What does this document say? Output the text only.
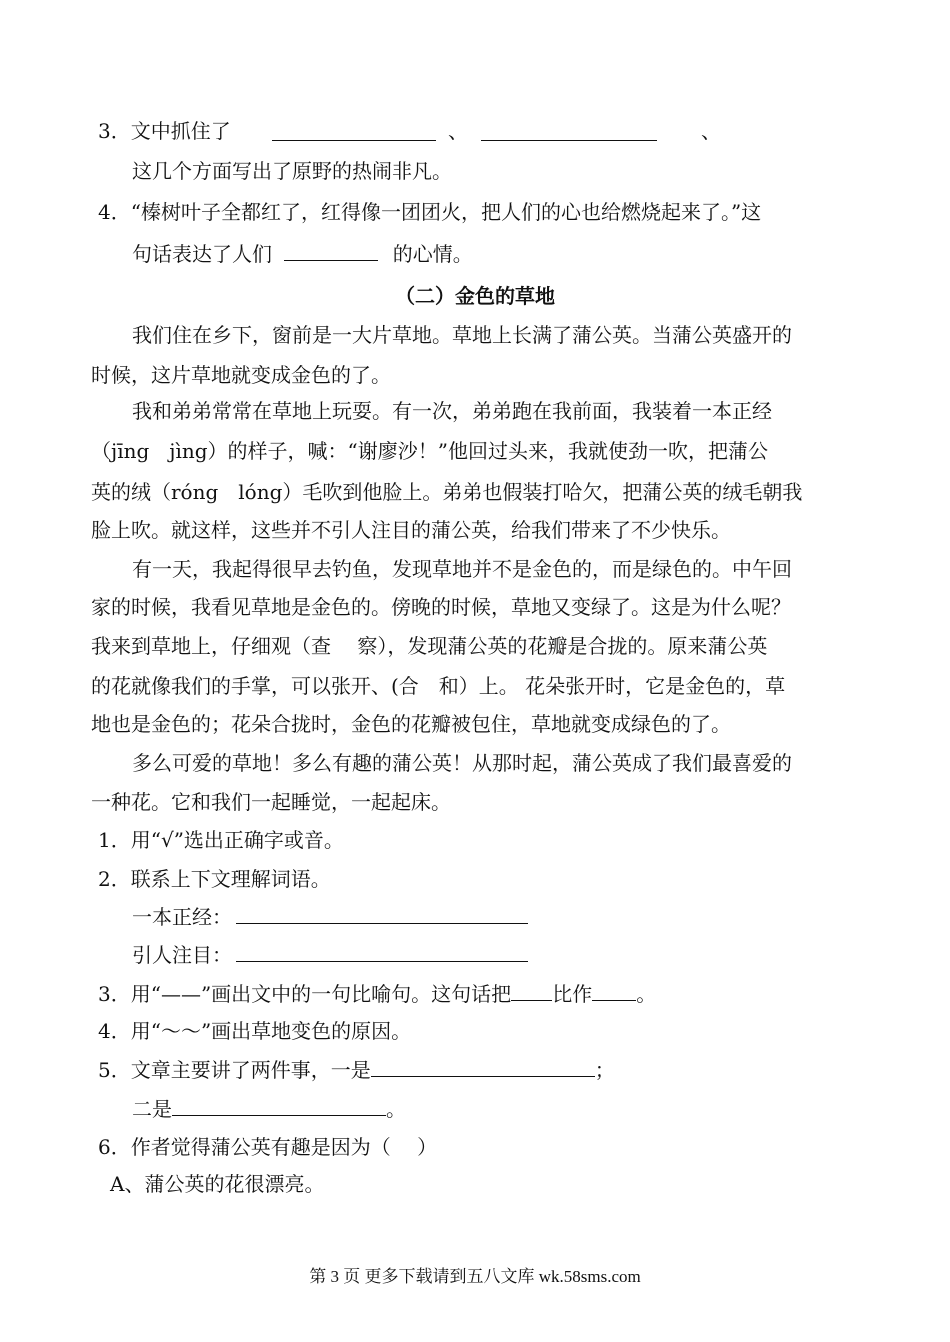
3．文中抓住了	、	、
这几个方面写出了原野的热闹非凡。
4．“榛树叶子全都红了，红得像一团团火，把人们的心也给燃烧起来了。”这
句话表达了人们	的心情。
（二）金色的草地
我们住在乡下，窗前是一大片草地。草地上长满了蒲公英。当蒲公英盛开的
时候，这片草地就变成金色的了。
我和弟弟常常在草地上玩耍。有一次，弟弟跑在我前面，我装着一本正经
（jīng　jìng）的样子，喊：“谢廖沙！”他回过头来，我就使劲一吹，把蒲公
英的绒（róng　lóng）毛吹到他脸上。弟弟也假装打哈欠，把蒲公英的绒毛朝我
脸上吹。就这样，这些并不引人注目的蒲公英，给我们带来了不少快乐。
有一天，我起得很早去钓鱼，发现草地并不是金色的，而是绿色的。中午回
家的时候，我看见草地是金色的。傍晚的时候，草地又变绿了。这是为什么呢？
我来到草地上，仔细观（查　 察），发现蒲公英的花瓣是合拢的。原来蒲公英
的花就像我们的手掌，可以张开、(合　和）上。 花朵张开时，它是金色的，草
地也是金色的；花朵合拢时，金色的花瓣被包住，草地就变成绿色的了。
多么可爱的草地！多么有趣的蒲公英！从那时起，蒲公英成了我们最喜爱的
一种花。它和我们一起睡觉，一起起床。
1．用“√”选出正确字或音。
2．联系上下文理解词语。
一本正经：
引人注目：
3．用“——”画出文中的一句比喻句。这句话把 比作 。
4．用“～～”画出草地变色的原因。
5．文章主要讲了两件事，一是	；
二是	。
6．作者觉得蒲公英有趣是因为（　 ）
A、蒲公英的花很漂亮。
第 3 页 更多下载请到五八文库 wk.58sms.com
